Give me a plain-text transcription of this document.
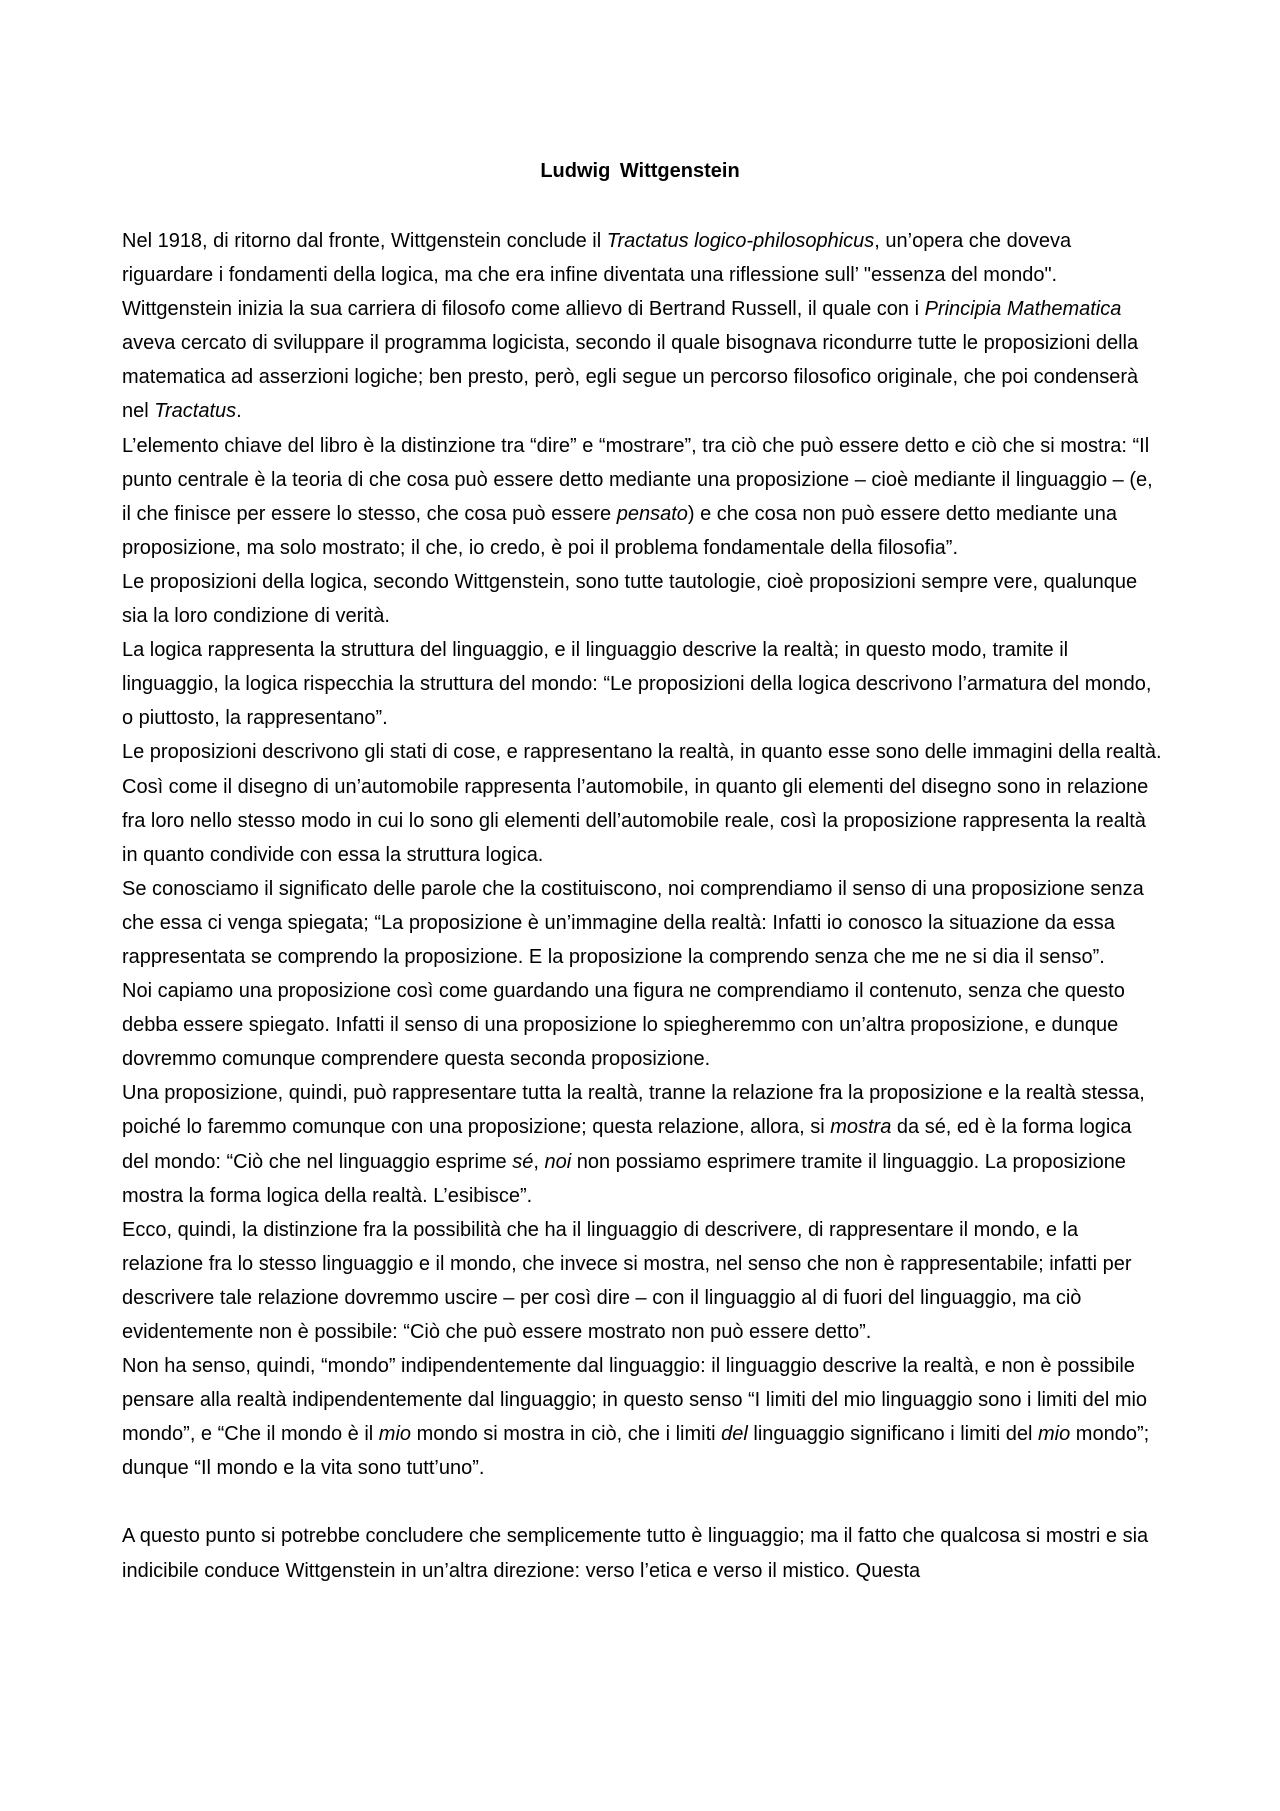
Ludwig Wittgenstein

Nel 1918, di ritorno dal fronte, Wittgenstein conclude il Tractatus logico-philosophicus, un’opera che doveva riguardare i fondamenti della logica, ma che era infine diventata una riflessione sull’ "essenza del mondo".

Wittgenstein inizia la sua carriera di filosofo come allievo di Bertrand Russell, il quale con i Principia Mathematica aveva cercato di sviluppare il programma logicista, secondo il quale bisognava ricondurre tutte le proposizioni della matematica ad asserzioni logiche; ben presto, però, egli segue un percorso filosofico originale, che poi condenserà nel Tractatus.

L’elemento chiave del libro è la distinzione tra “dire” e “mostrare”, tra ciò che può essere detto e ciò che si mostra: “Il punto centrale è la teoria di che cosa può essere detto mediante una proposizione – cioè mediante il linguaggio – (e, il che finisce per essere lo stesso, che cosa può essere pensato) e che cosa non può essere detto mediante una proposizione, ma solo mostrato; il che, io credo, è poi il problema fondamentale della filosofia”.

Le proposizioni della logica, secondo Wittgenstein, sono tutte tautologie, cioè proposizioni sempre vere, qualunque sia la loro condizione di verità.

La logica rappresenta la struttura del linguaggio, e il linguaggio descrive la realtà; in questo modo, tramite il linguaggio, la logica rispecchia la struttura del mondo: “Le proposizioni della logica descrivono l’armatura del mondo, o piuttosto, la rappresentano”.

Le proposizioni descrivono gli stati di cose, e rappresentano la realtà, in quanto esse sono delle immagini della realtà. Così come il disegno di un’automobile rappresenta l’automobile, in quanto gli elementi del disegno sono in relazione fra loro nello stesso modo in cui lo sono gli elementi dell’automobile reale, così la proposizione rappresenta la realtà in quanto condivide con essa la struttura logica.

Se conosciamo il significato delle parole che la costituiscono, noi comprendiamo il senso di una proposizione senza che essa ci venga spiegata; “La proposizione è un’immagine della realtà: Infatti io conosco la situazione da essa rappresentata se comprendo la proposizione. E la proposizione la comprendo senza che me ne si dia il senso”.

Noi capiamo una proposizione così come guardando una figura ne comprendiamo il contenuto, senza che questo debba essere spiegato. Infatti il senso di una proposizione lo spiegheremmo con un’altra proposizione, e dunque dovremmo comunque comprendere questa seconda proposizione.

Una proposizione, quindi, può rappresentare tutta la realtà, tranne la relazione fra la proposizione e la realtà stessa, poiché lo faremmo comunque con una proposizione; questa relazione, allora, si mostra da sé, ed è la forma logica del mondo: “Ciò che nel linguaggio esprime sé, noi non possiamo esprimere tramite il linguaggio. La proposizione mostra la forma logica della realtà. L’esibisce”.

Ecco, quindi, la distinzione fra la possibilità che ha il linguaggio di descrivere, di rappresentare il mondo, e la relazione fra lo stesso linguaggio e il mondo, che invece si mostra, nel senso che non è rappresentabile; infatti per descrivere tale relazione dovremmo uscire – per così dire – con il linguaggio al di fuori del linguaggio, ma ciò evidentemente non è possibile: “Ciò che può essere mostrato non può essere detto”.

Non ha senso, quindi, “mondo” indipendentemente dal linguaggio: il linguaggio descrive la realtà, e non è possibile pensare alla realtà indipendentemente dal linguaggio; in questo senso “I limiti del mio linguaggio sono i limiti del mio mondo”, e “Che il mondo è il mio mondo si mostra in ciò, che i limiti del linguaggio significano i limiti del mio mondo”; dunque “Il mondo e la vita sono tutt’uno”.

A questo punto si potrebbe concludere che semplicemente tutto è linguaggio; ma il fatto che qualcosa si mostri e sia indicibile conduce Wittgenstein in un’altra direzione: verso l’etica e verso il mistico. Questa
